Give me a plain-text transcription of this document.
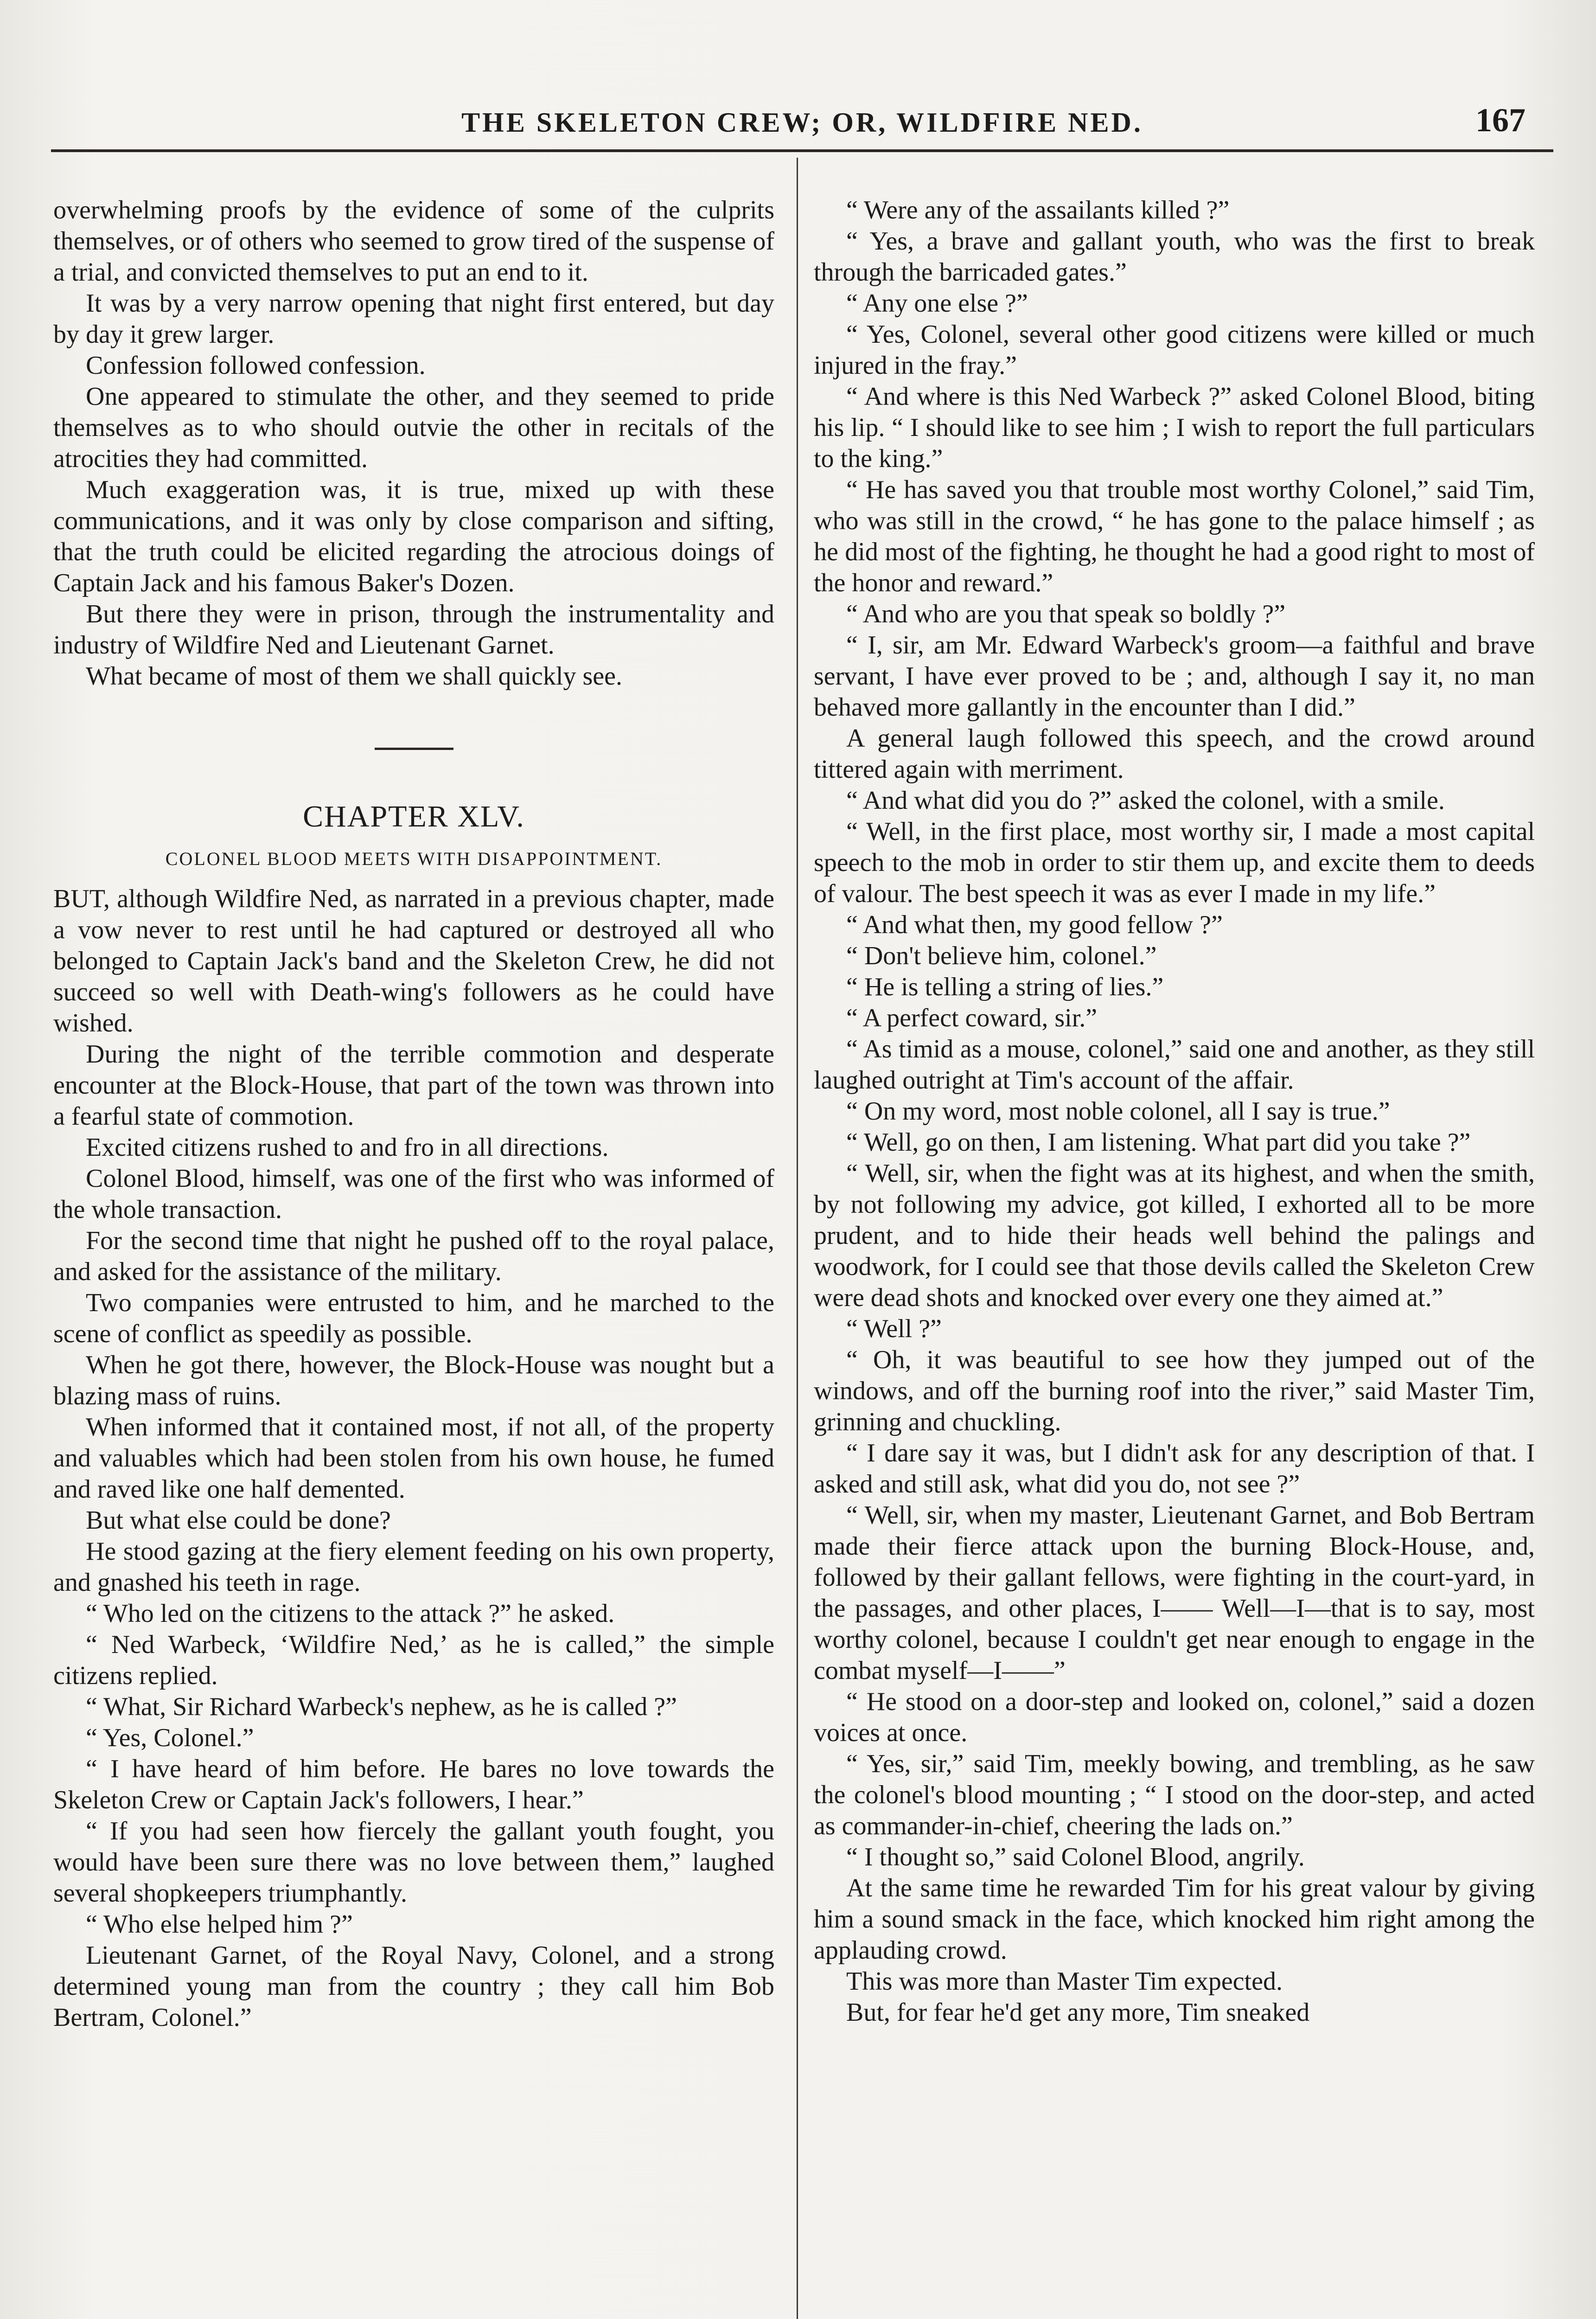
THE SKELETON CREW; OR, WILDFIRE NED.	167

overwhelming proofs by the evidence of some of the culprits themselves, or of others who seemed to grow tired of the suspense of a trial, and convicted themselves to put an end to it.

It was by a very narrow opening that night first entered, but day by day it grew larger.

Confession followed confession.

One appeared to stimulate the other, and they seemed to pride themselves as to who should outvie the other in recitals of the atrocities they had committed.

Much exaggeration was, it is true, mixed up with these communications, and it was only by close comparison and sifting, that the truth could be elicited regarding the atrocious doings of Captain Jack and his famous Baker's Dozen.

But there they were in prison, through the instrumentality and industry of Wildfire Ned and Lieutenant Garnet.

What became of most of them we shall quickly see.

CHAPTER XLV.
COLONEL BLOOD MEETS WITH DISAPPOINTMENT.

BUT, although Wildfire Ned, as narrated in a previous chapter, made a vow never to rest until he had captured or destroyed all who belonged to Captain Jack's band and the Skeleton Crew, he did not succeed so well with Death-wing's followers as he could have wished.

During the night of the terrible commotion and desperate encounter at the Block-House, that part of the town was thrown into a fearful state of commotion.

Excited citizens rushed to and fro in all directions.

Colonel Blood, himself, was one of the first who was informed of the whole transaction.

For the second time that night he pushed off to the royal palace, and asked for the assistance of the military.

Two companies were entrusted to him, and he marched to the scene of conflict as speedily as possible.

When he got there, however, the Block-House was nought but a blazing mass of ruins.

When informed that it contained most, if not all, of the property and valuables which had been stolen from his own house, he fumed and raved like one half demented.

But what else could be done?

He stood gazing at the fiery element feeding on his own property, and gnashed his teeth in rage.

“ Who led on the citizens to the attack ?” he asked.

“ Ned Warbeck, ‘Wildfire Ned,’ as he is called,” the simple citizens replied.

“ What, Sir Richard Warbeck's nephew, as he is called ?”

“ Yes, Colonel.”

“ I have heard of him before. He bares no love towards the Skeleton Crew or Captain Jack's followers, I hear.”

“ If you had seen how fiercely the gallant youth fought, you would have been sure there was no love between them,” laughed several shopkeepers triumphantly.

“ Who else helped him ?”

Lieutenant Garnet, of the Royal Navy, Colonel, and a strong determined young man from the country ; they call him Bob Bertram, Colonel.”

“ Were any of the assailants killed ?”

“ Yes, a brave and gallant youth, who was the first to break through the barricaded gates.”

“ Any one else ?”

“ Yes, Colonel, several other good citizens were killed or much injured in the fray.”

“ And where is this Ned Warbeck ?” asked Colonel Blood, biting his lip. “ I should like to see him ; I wish to report the full particulars to the king.”

“ He has saved you that trouble most worthy Colonel,” said Tim, who was still in the crowd, “ he has gone to the palace himself ; as he did most of the fighting, he thought he had a good right to most of the honor and reward.”

“ And who are you that speak so boldly ?”

“ I, sir, am Mr. Edward Warbeck's groom—a faithful and brave servant, I have ever proved to be ; and, although I say it, no man behaved more gallantly in the encounter than I did.”

A general laugh followed this speech, and the crowd around tittered again with merriment.

“ And what did you do ?” asked the colonel, with a smile.

“ Well, in the first place, most worthy sir, I made a most capital speech to the mob in order to stir them up, and excite them to deeds of valour. The best speech it was as ever I made in my life.”

“ And what then, my good fellow ?”

“ Don't believe him, colonel.”

“ He is telling a string of lies.”

“ A perfect coward, sir.”

“ As timid as a mouse, colonel,” said one and another, as they still laughed outright at Tim's account of the affair.

“ On my word, most noble colonel, all I say is true.”

“ Well, go on then, I am listening. What part did you take ?”

“ Well, sir, when the fight was at its highest, and when the smith, by not following my advice, got killed, I exhorted all to be more prudent, and to hide their heads well behind the palings and woodwork, for I could see that those devils called the Skeleton Crew were dead shots and knocked over every one they aimed at.”

“ Well ?”

“ Oh, it was beautiful to see how they jumped out of the windows, and off the burning roof into the river,” said Master Tim, grinning and chuckling.

“ I dare say it was, but I didn't ask for any description of that. I asked and still ask, what did you do, not see ?”

“ Well, sir, when my master, Lieutenant Garnet, and Bob Bertram made their fierce attack upon the burning Block-House, and, followed by their gallant fellows, were fighting in the court-yard, in the passages, and other places, I—— Well—I—that is to say, most worthy colonel, because I couldn't get near enough to engage in the combat myself—I——”

“ He stood on a door-step and looked on, colonel,” said a dozen voices at once.

“ Yes, sir,” said Tim, meekly bowing, and trembling, as he saw the colonel's blood mounting ; “ I stood on the door-step, and acted as commander-in-chief, cheering the lads on.”

“ I thought so,” said Colonel Blood, angrily.

At the same time he rewarded Tim for his great valour by giving him a sound smack in the face, which knocked him right among the applauding crowd.

This was more than Master Tim expected.

But, for fear he'd get any more, Tim sneaked
